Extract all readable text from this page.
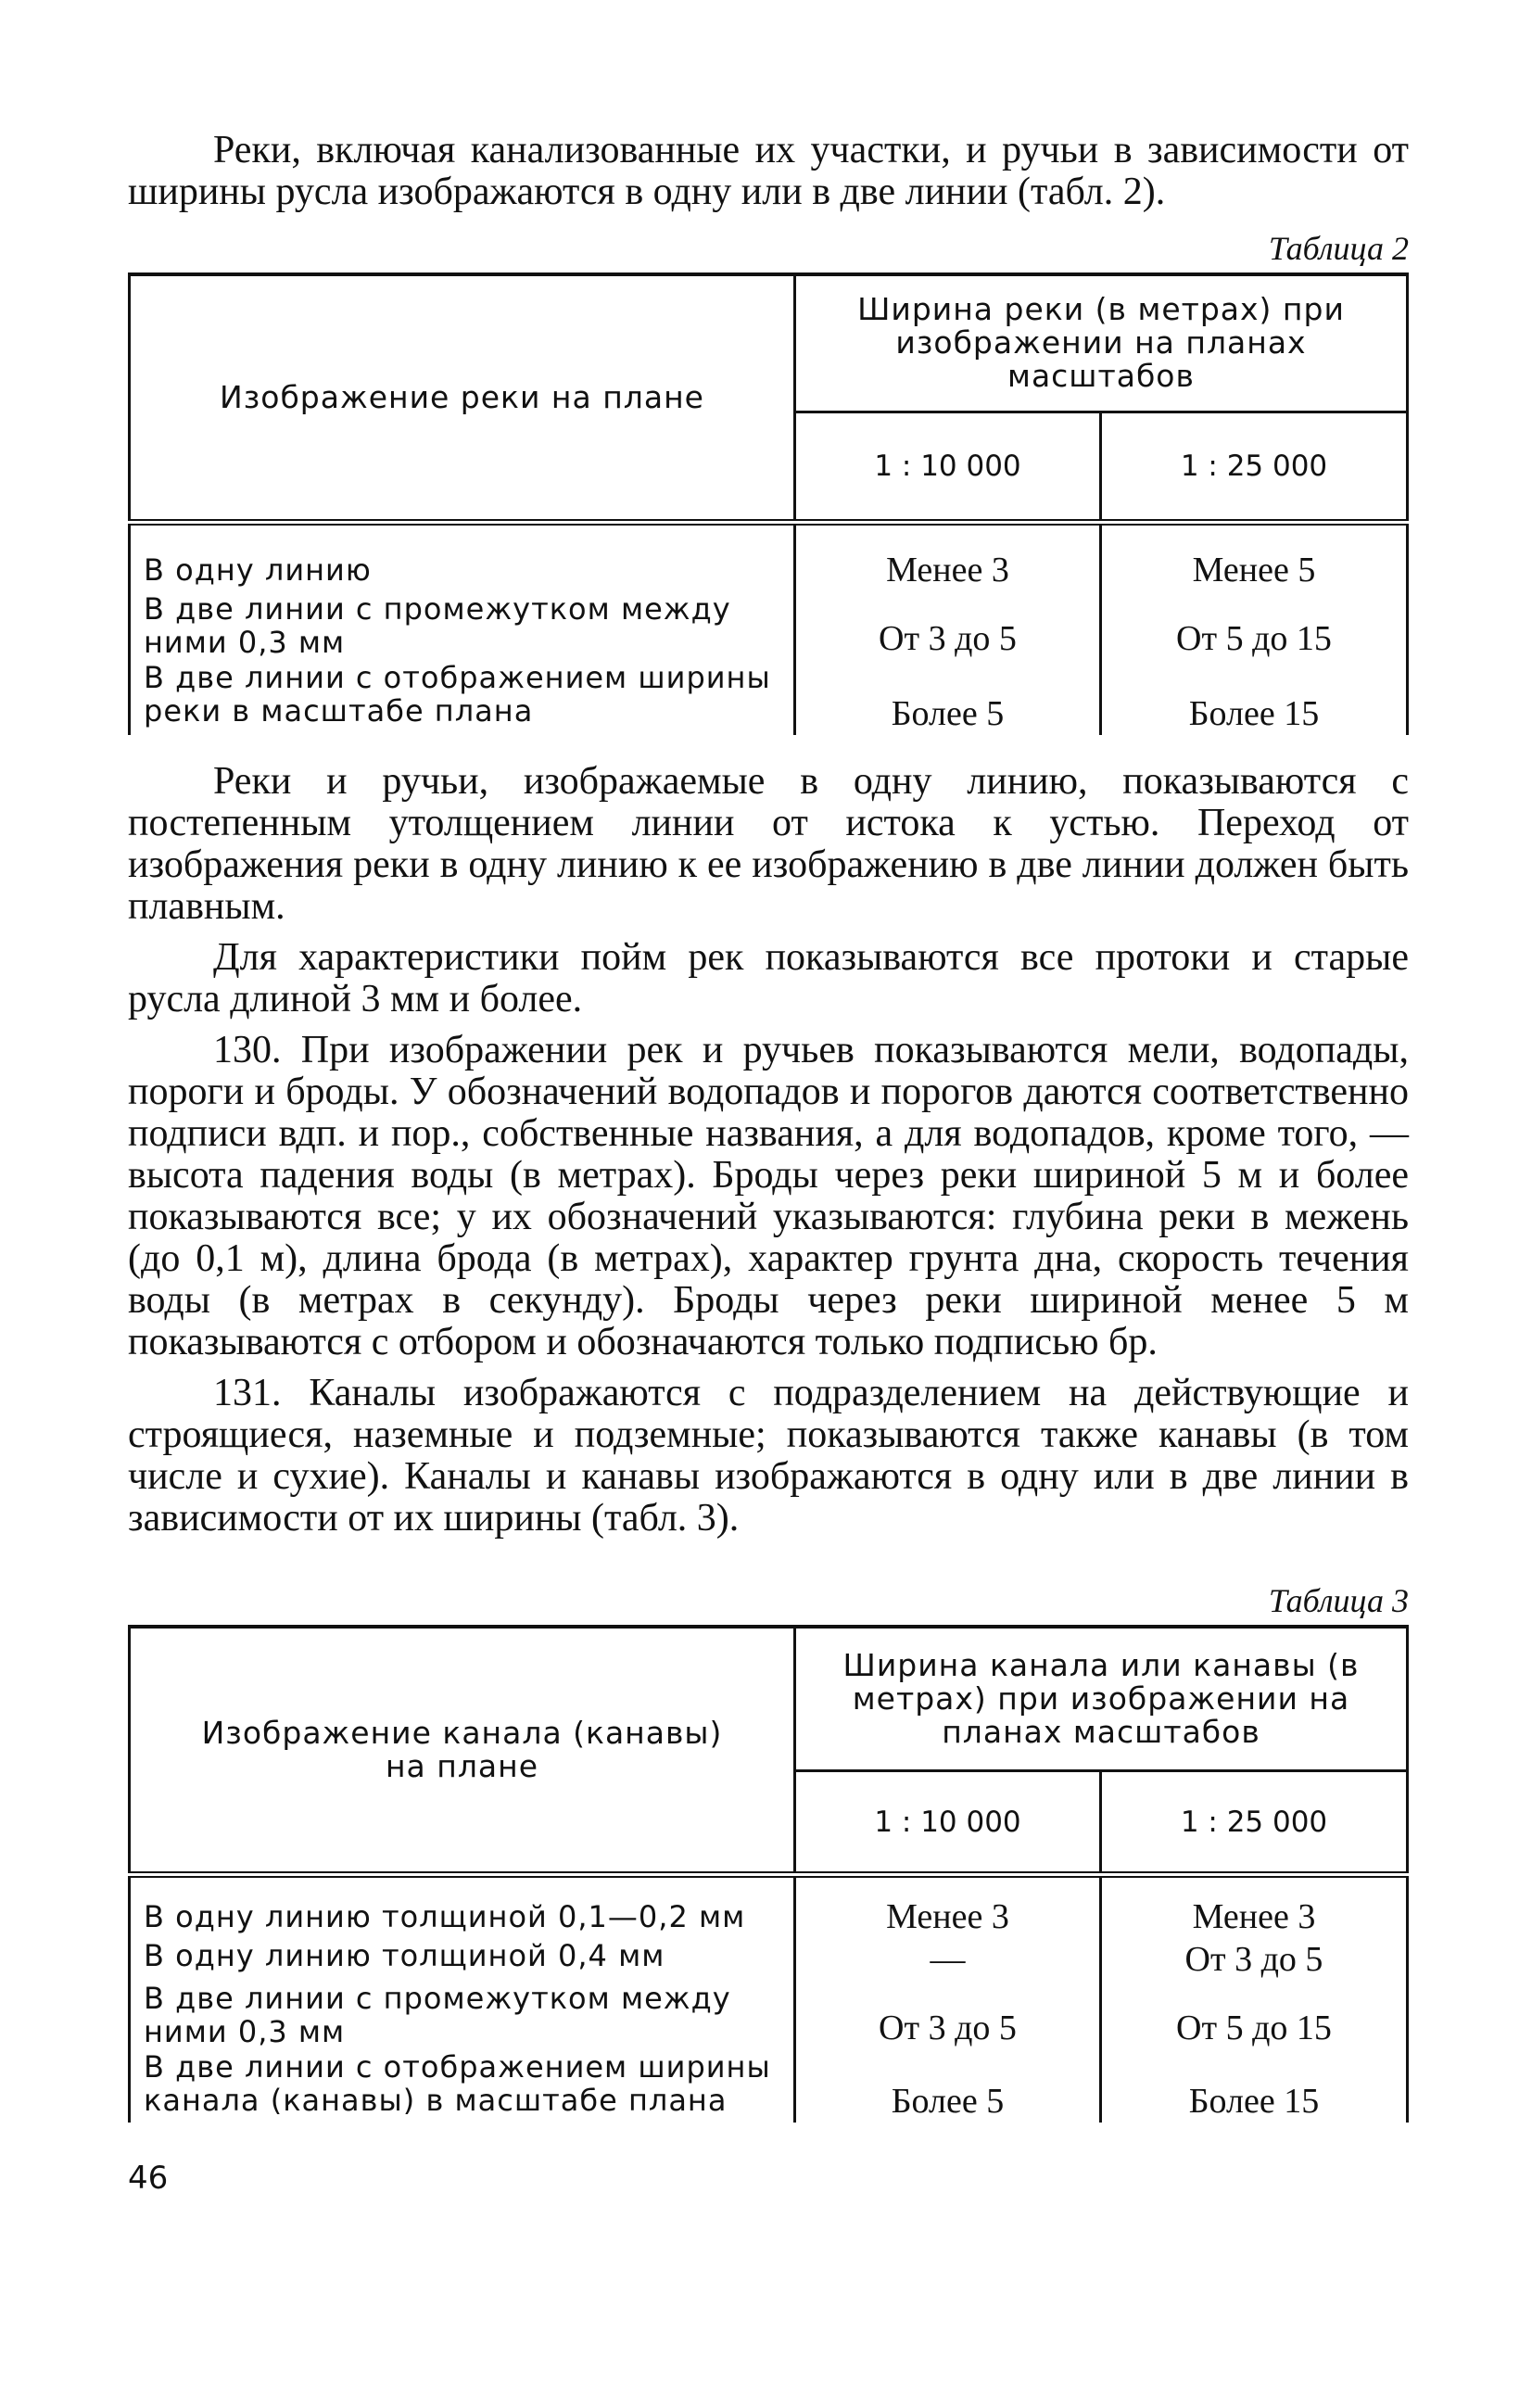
Реки, включая канализованные их участки, и ручьи в зависимости от ширины русла изображаются в одну или в две линии (табл. 2).

Таблица 2
Изображение реки на плане	Ширина реки (в метрах) при изображении на планах масштабов	

	1 : 10 000	1 : 25 000
В одну линию	Менее 3	Менее 5
В две линии с промежутком между ними 0,3 мм	От 3 до 5	От 5 до 15
В две линии с отображением ширины реки в масштабе плана	Более 5	Более 15

Реки и ручьи, изображаемые в одну линию, показываются с постепенным утолщением линии от истока к устью. Переход от изображения реки в одну линию к ее изображению в две линии должен быть плавным.

Для характеристики пойм рек показываются все протоки и старые русла длиной 3 мм и более.

130. При изображении рек и ручьев показываются мели, водопады, пороги и броды. У обозначений водопадов и порогов даются соответственно подписи вдп. и пор., собственные названия, а для водопадов, кроме того, — высота падения воды (в метрах). Броды через реки шириной 5 м и более показываются все; у их обозначений указываются: глубина реки в межень (до 0,1 м), длина брода (в метрах), характер грунта дна, скорость течения воды (в метрах в секунду). Броды через реки шириной менее 5 м показываются с отбором и обозначаются только подписью бр.

131. Каналы изображаются с подразделением на действующие и строящиеся, наземные и подземные; показываются также канавы (в том числе и сухие). Каналы и канавы изображаются в одну или в две линии в зависимости от их ширины (табл. 3).

Таблица 3
Изображение канала (канавы) на плане	Ширина канала или канавы (в метрах) при изображении на планах масштабов	

	1 : 10 000	1 : 25 000
В одну линию толщиной 0,1—0,2 мм	Менее 3	Менее 3
В одну линию толщиной 0,4 мм	—	От 3 до 5
В две линии с промежутком между ними 0,3 мм	От 3 до 5	От 5 до 15
В две линии с отображением ширины канала (канавы) в масштабе плана	Более 5	Более 15
46
